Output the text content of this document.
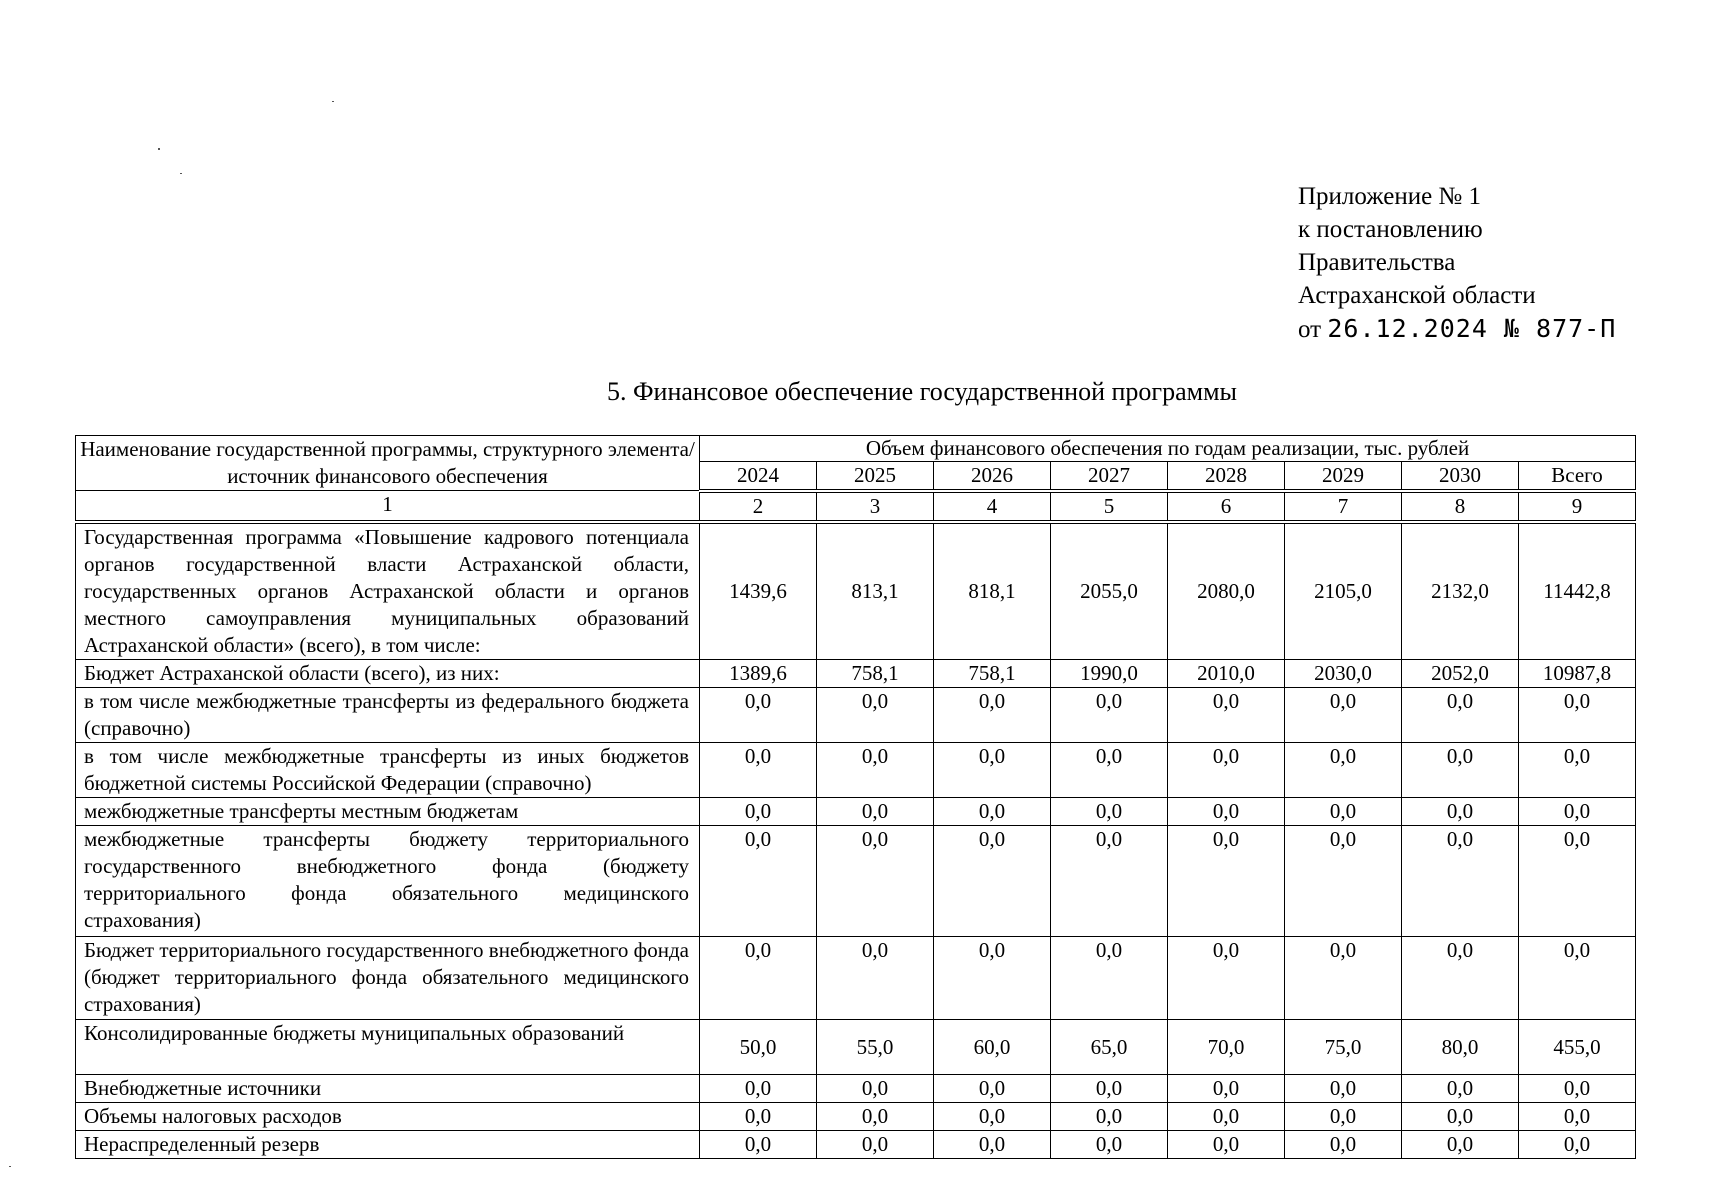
Приложение № 1
к постановлению
Правительства
Астраханской области
от 26.12.2024 № 877-П
5. Финансовое обеспечение государственной программы
Наименование государственной программы, структурного элемента/источник финансового обеспечения	Объем финансового обеспечения по годам реализации, тыс. рублей							
	2024	2025	2026	2027	2028	2029	2030	Всего
1	2	3	4	5	6	7	8	9
Государственная программа «Повышение кадрового потенциала органов государственной власти Астраханской области, государственных органов Астраханской области и органов местного самоуправления муниципальных образований Астраханской области» (всего), в том числе:	1439,6	813,1	818,1	2055,0	2080,0	2105,0	2132,0	11442,8
Бюджет Астраханской области (всего), из них:	1389,6	758,1	758,1	1990,0	2010,0	2030,0	2052,0	10987,8
в том числе межбюджетные трансферты из федерального бюджета (справочно)	0,0	0,0	0,0	0,0	0,0	0,0	0,0	0,0
в том числе межбюджетные трансферты из иных бюджетов бюджетной системы Российской Федерации (справочно)	0,0	0,0	0,0	0,0	0,0	0,0	0,0	0,0
межбюджетные трансферты местным бюджетам	0,0	0,0	0,0	0,0	0,0	0,0	0,0	0,0
межбюджетные трансферты бюджету территориального государственного внебюджетного фонда (бюджету территориального фонда обязательного медицинского страхования)	0,0	0,0	0,0	0,0	0,0	0,0	0,0	0,0
Бюджет территориального государственного внебюджетного фонда (бюджет территориального фонда обязательного медицинского страхования)	0,0	0,0	0,0	0,0	0,0	0,0	0,0	0,0
Консолидированные бюджеты муниципальных образований	50,0	55,0	60,0	65,0	70,0	75,0	80,0	455,0
Внебюджетные источники	0,0	0,0	0,0	0,0	0,0	0,0	0,0	0,0
Объемы налоговых расходов	0,0	0,0	0,0	0,0	0,0	0,0	0,0	0,0
Нераспределенный резерв	0,0	0,0	0,0	0,0	0,0	0,0	0,0	0,0
